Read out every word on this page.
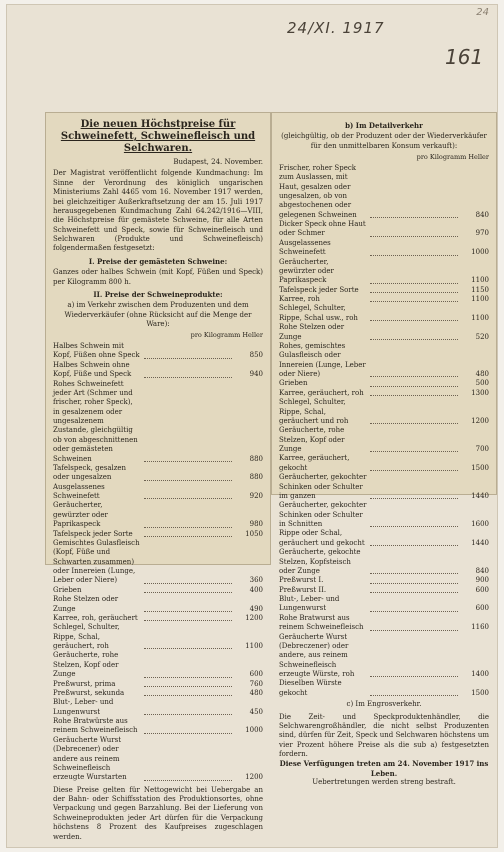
24/XI. 1917
161
24
Die neuen Höchstpreise für Schweinefett, Schweinefleisch und Selchwaren.
Budapest, 24. November.

Der Magistrat veröffentlicht folgende Kundmachung: Im Sinne der Verordnung des königlich ungarischen Ministeriums Zahl 4465 vom 16. November 1917 werden, bei gleichzeitiger Außerkraftsetzung der am 15. Juli 1917 herausgegebenen Kundmachung Zahl 64.242/1916—VIII, die Höchstpreise für gemästete Schweine, für alle Arten Schweinefett und Speck, sowie für Schweinefleisch und Selchwaren (Produkte und Schweinefleisch) folgendermaßen festgesetzt:

I. Preise der gemästeten Schweine:

Ganzes oder halbes Schwein (mit Kopf, Füßen und Speck) per Kilogramm 800 h.

II. Preise der Schweineprodukte:
a) im Verkehr zwischen dem Produzenten und dem Wiederverkäufer (ohne Rücksicht auf die Menge der Ware):
pro Kilogramm Heller
Halbes Schwein mit Kopf, Füßen ohne Speck	850
Halbes Schwein ohne Kopf, Füße und Speck	940
Rohes Schweinefett jeder Art (Schmer und frischer, roher Speck), in gesalzenem oder ungesalzenem Zustande, gleichgültig ob von abgeschnittenen oder gemästeten Schweinen	880
Tafelspeck, gesalzen oder ungesalzen	880
Ausgelassenes Schweinefett	920
Geräucherter, gewürzter oder Paprikaspeck	980
Tafelspeck jeder Sorte	1050
Gemischtes Gulasfleisch (Kopf, Füße und Schwarten zusammen) oder Innereien (Lunge, Leber oder Niere)	360
Grieben	400
Rohe Stelzen oder Zunge	490
Karree, roh, geräuchert	1200
Schlegel, Schulter, Rippe, Schal, geräuchert, roh	1100
Geräucherte, rohe Stelzen, Kopf oder Zunge	600
Preßwurst, prima	760
Preßwurst, sekunda	480
Blut-, Leber- und Lungenwurst	450
Rohe Bratwürste aus reinem Schweinefleisch	1000
Geräucherte Wurst (Debrecener) oder andere aus reinem Schweinefleisch erzeugte Wurstarten	1200

Diese Preise gelten für Nettogewicht bei Uebergabe an der Bahn- oder Schiffsstation des Produktionsortes, ohne Verpackung und gegen Barzahlung. Bei der Lieferung von Schweineprodukten jeder Art dürfen für die Verpackung höchstens 8 Prozent des Kaufpreises zugeschlagen werden.

b) Im Detailverkehr
(gleichgültig, ob der Produzent oder der Wiederverkäufer für den unmittelbaren Konsum verkauft):
pro Kilogramm Heller
Frischer, roher Speck zum Auslassen, mit Haut, gesalzen oder ungesalzen, ob von abgestochenen oder gelegenen Schweinen	840
Dicker Speck ohne Haut oder Schmer	970
Ausgelassenes Schweinefett	1000
Geräucherter, gewürzter oder Paprikaspeck	1100
Tafelspeck jeder Sorte	1150
Karree, roh	1100
Schlegel, Schulter, Rippe, Schal usw., roh	1100
Rohe Stelzen oder Zunge	520
Rohes, gemischtes Gulasfleisch oder Innereien (Lunge, Leber oder Niere)	480
Grieben	500
Karree, geräuchert, roh	1300
Schlegel, Schulter, Rippe, Schal, geräuchert und roh	1200
Geräucherte, rohe Stelzen, Kopf oder Zunge	700
Karree, geräuchert, gekocht	1500
Geräucherter, gekochter Schinken oder Schulter im ganzen	1440
Geräucherter, gekochter Schinken oder Schulter in Schnitten	1600
Rippe oder Schal, geräuchert und gekocht	1440
Geräucherte, gekochte Stelzen, Kopfsteisch oder Zunge	840
Preßwurst I.	900
Preßwurst II.	600
Blut-, Leber- und Lungenwurst	600
Rohe Bratwurst aus reinem Schweinefleisch	1160
Geräucherte Wurst (Debreczener) oder andere, aus reinem Schweinefleisch erzeugte Würste, roh	1400
Dieselben Würste gekocht	1500
c) Im Engrosverkehr.

Die Zeit- und Speckproduktenhändler, die Selchwarengroßhändler, die nicht selbst Produzenten sind, dürfen für Zeit, Speck und Selchwaren höchstens um vier Prozent höhere Preise als die sub a) festgesetzten fordern.

Diese Verfügungen treten am 24. November 1917 ins Leben.
Uebertretungen werden streng bestraft.
